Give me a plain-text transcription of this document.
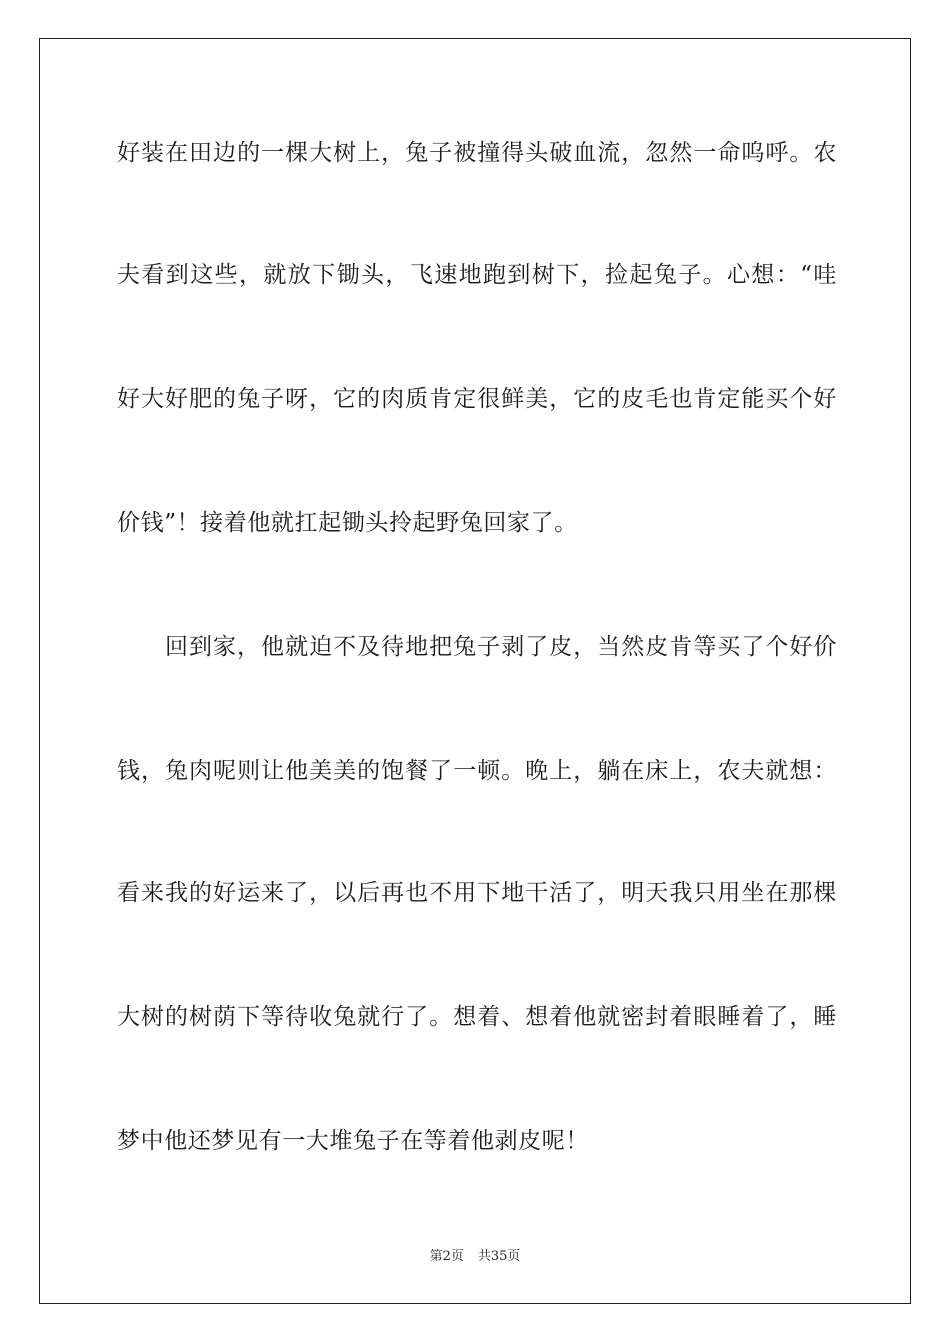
好装在田边的一棵大树上，兔子被撞得头破血流，忽然一命呜呼。农
夫看到这些，就放下锄头，飞速地跑到树下，捡起兔子。心想：“哇
好大好肥的兔子呀，它的肉质肯定很鲜美，它的皮毛也肯定能买个好
价钱”！接着他就扛起锄头拎起野兔回家了。
回到家，他就迫不及待地把兔子剥了皮，当然皮肯等买了个好价
钱，兔肉呢则让他美美的饱餐了一顿。晚上，躺在床上，农夫就想：
看来我的好运来了，以后再也不用下地干活了，明天我只用坐在那棵
大树的树荫下等待收兔就行了。想着、想着他就密封着眼睡着了，睡
梦中他还梦见有一大堆兔子在等着他剥皮呢！
第2页 共35页
